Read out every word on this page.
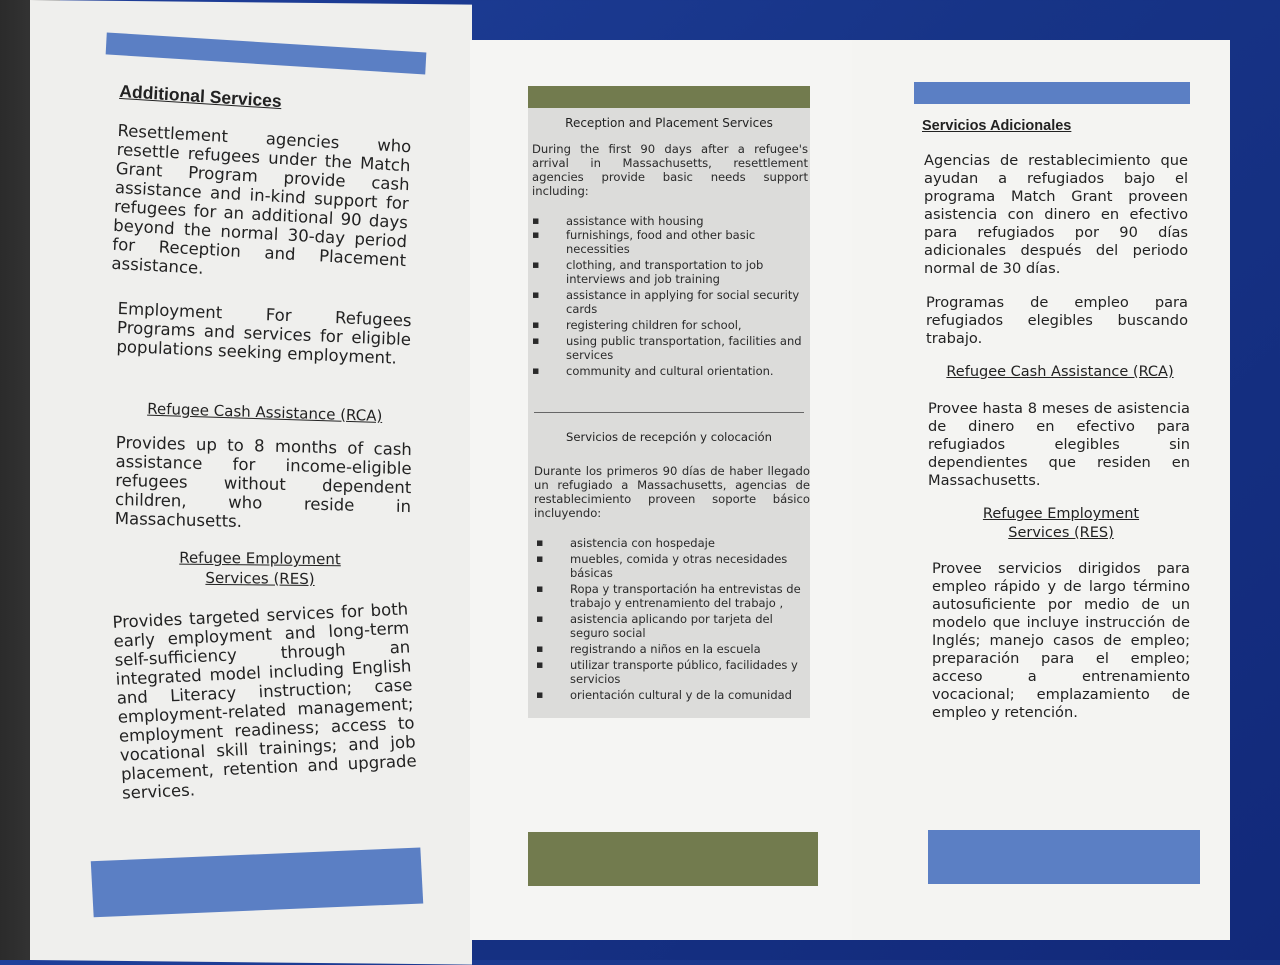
Additional Services

Resettlement agencies who resettle refugees under the Match Grant Program provide cash assistance and in-kind support for refugees for an additional 90 days beyond the normal 30-day period for Reception and Placement assistance.

Employment For Refugees Programs and services for eligible populations seeking employment.

Refugee Cash Assistance (RCA)

Provides up to 8 months of cash assistance for income-eligible refugees without dependent children, who reside in Massachusetts.

Refugee Employment
Services (RES)

Provides targeted services for both early employment and long-term self-sufficiency through an integrated model including English and Literacy instruction; case employment-related management; employment readiness; access to vocational skill trainings; and job placement, retention and upgrade services.

Reception and Placement Services

During the first 90 days after a refugee's arrival in Massachusetts, resettlement agencies provide basic needs support including:

▪ assistance with housing
▪ furnishings, food and other basic necessities
▪ clothing, and transportation to job interviews and job training
▪ assistance in applying for social security cards
▪ registering children for school,
▪ using public transportation, facilities and services
▪ community and cultural orientation.
Servicios de recepción y colocación

Durante los primeros 90 días de haber llegado un refugiado a Massachusetts, agencias de restablecimiento proveen soporte básico incluyendo:

▪ asistencia con hospedaje
▪ muebles, comida y otras necesidades básicas
▪ Ropa y transportación ha entrevistas de trabajo y entrenamiento del trabajo ,
▪ asistencia aplicando por tarjeta del seguro social
▪ registrando a niños en la escuela
▪ utilizar transporte público, facilidades y servicios
▪ orientación cultural y de la comunidad
Servicios Adicionales

Agencias de restablecimiento que ayudan a refugiados bajo el programa Match Grant proveen asistencia con dinero en efectivo para refugiados por 90 días adicionales después del periodo normal de 30 días.

Programas de empleo para refugiados elegibles buscando trabajo.

Refugee Cash Assistance (RCA)

Provee hasta 8 meses de asistencia de dinero en efectivo para refugiados elegibles sin dependientes que residen en Massachusetts.

Refugee Employment
Services (RES)

Provee servicios dirigidos para empleo rápido y de largo término autosuficiente por medio de un modelo que incluye instrucción de Inglés; manejo casos de empleo; preparación para el empleo; acceso a entrenamiento vocacional; emplazamiento de empleo y retención.
